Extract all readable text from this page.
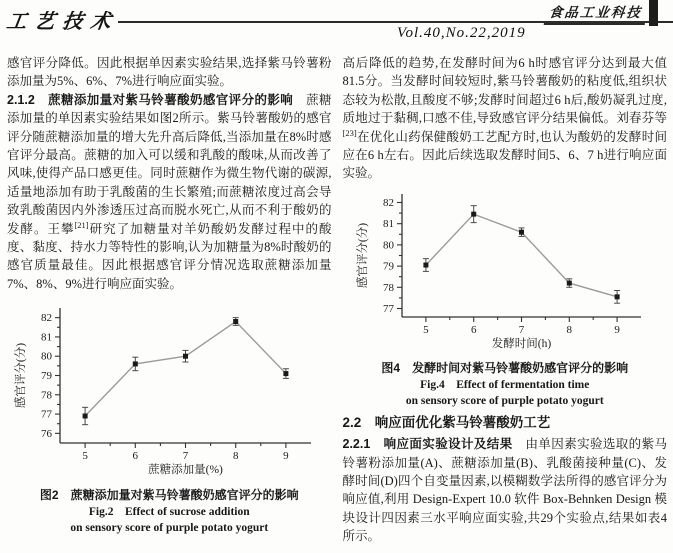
工艺技术	食品工业科技
Vol.40,No.22,2019

感官评分降低。因此根据单因素实验结果,选择紫马铃薯粉添加量为5%、6%、7%进行响应面实验。

2.1.2　蔗糖添加量对紫马铃薯酸奶感官评分的影响　蔗糖添加量的单因素实验结果如图2所示。紫马铃薯酸奶的感官评分随蔗糖添加量的增大先升高后降低,当添加量在8%时感官评分最高。蔗糖的加入可以缓和乳酸的酸味,从而改善了风味,使得产品口感更佳。同时蔗糖作为微生物代谢的碳源,适量地添加有助于乳酸菌的生长繁殖;而蔗糖浓度过高会导致乳酸菌因内外渗透压过高而脱水死亡,从而不利于酸奶的发酵。王攀[21]研究了加糖量对羊奶酸奶发酵过程中的酸度、黏度、持水力等特性的影响,认为加糖量为8%时酸奶的感官质量最佳。因此根据感官评分情况选取蔗糖添加量7%、8%、9%进行响应面实验。

76
77
78
79
80
81
82
5	6	7	8	9
蔗糖添加量(%)
感官评分(分)
图2　蔗糖添加量对紫马铃薯酸奶感官评分的影响
Fig.2　Effect of sucrose addition
on sensory score of purple potato yogurt

高后降低的趋势,在发酵时间为6 h时感官评分达到最大值81.5分。当发酵时间较短时,紫马铃薯酸奶的粘度低,组织状态较为松散,且酸度不够;发酵时间超过6 h后,酸奶凝乳过度,质地过于黏稠,口感不佳,导致感官评分结果偏低。刘春芬等[23]在优化山药保健酸奶工艺配方时,也认为酸奶的发酵时间应在6 h左右。因此后续选取发酵时间5、6、7 h进行响应面实验。

77
78
79
80
81
82
5	6	7	8	9
发酵时间(h)
感官评分(分)
图4　发酵时间对紫马铃薯酸奶感官评分的影响
Fig.4　Effect of fermentation time
on sensory score of purple potato yogurt
2.2　响应面优化紫马铃薯酸奶工艺

2.2.1　响应面实验设计及结果　由单因素实验选取的紫马铃薯粉添加量(A)、蔗糖添加量(B)、乳酸菌接种量(C)、发酵时间(D)四个自变量因素,以模糊数学法所得的感官评分为响应值,利用 Design-Expert 10.0 软件 Box-Behnken Design 模块设计四因素三水平响应面实验,共29个实验点,结果如表4所示。
